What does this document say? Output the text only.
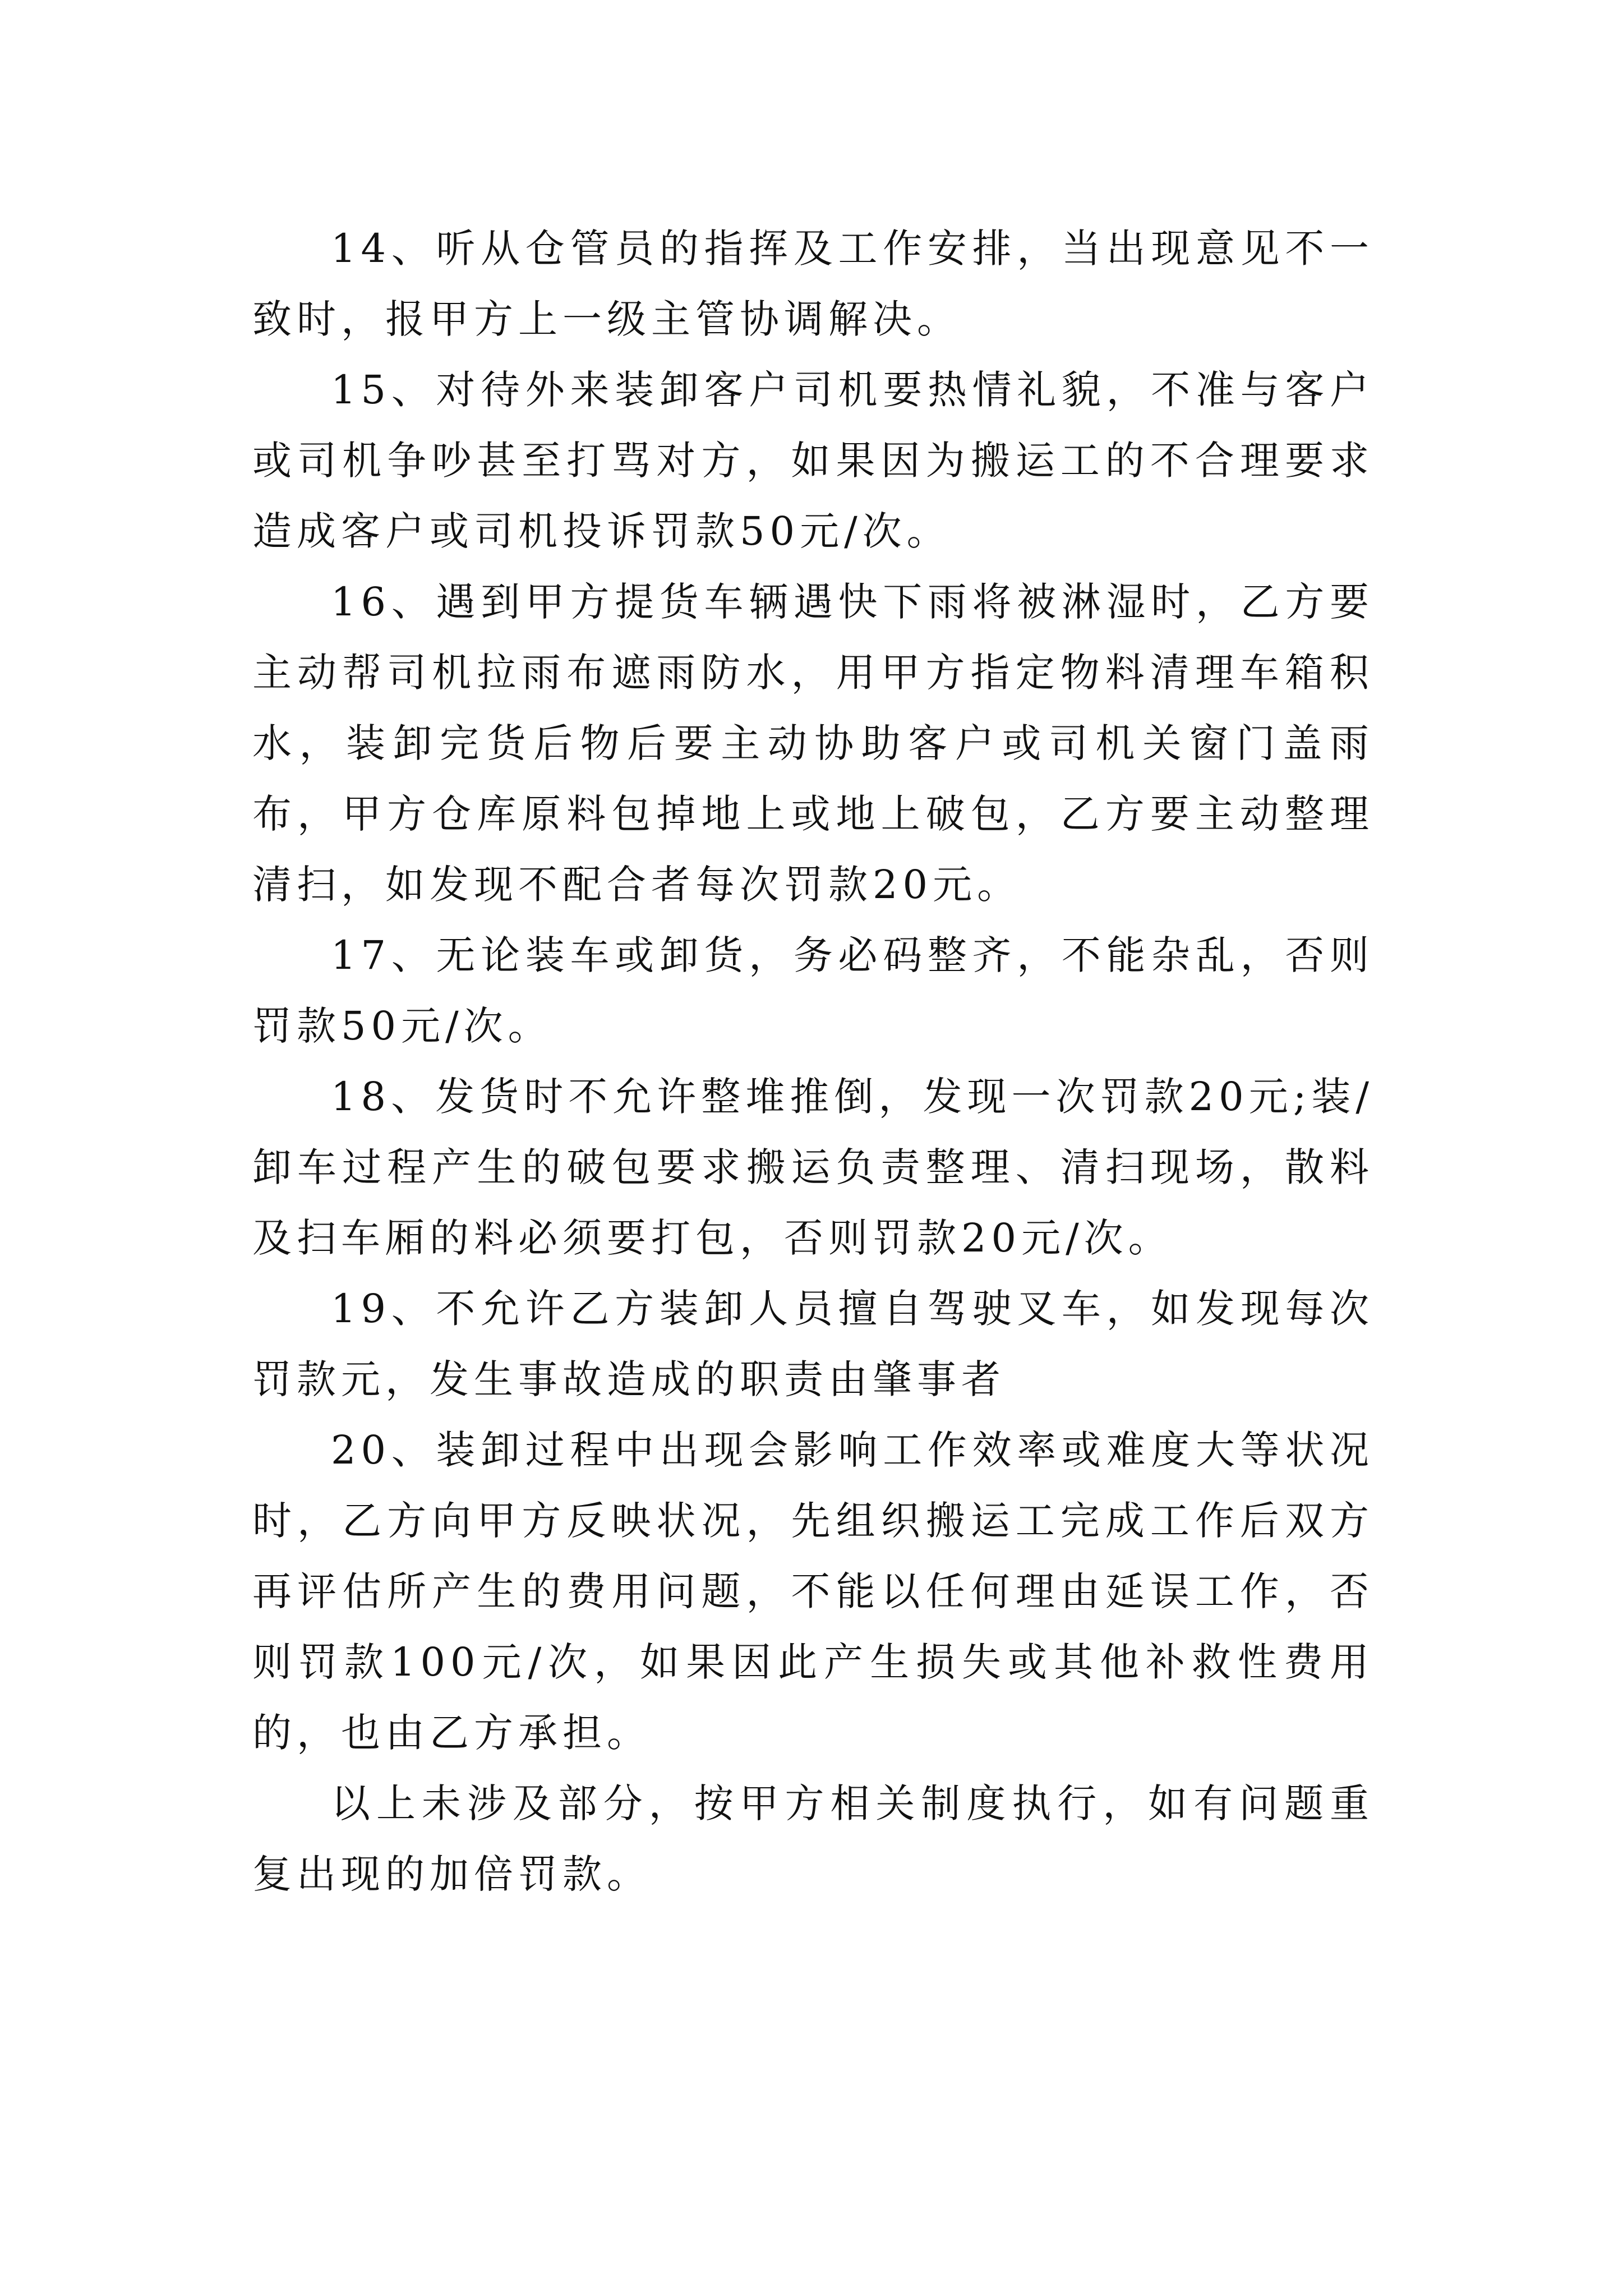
14、听从仓管员的指挥及工作安排，当出现意见不一致时，报甲方上一级主管协调解决。

15、对待外来装卸客户司机要热情礼貌，不准与客户或司机争吵甚至打骂对方，如果因为搬运工的不合理要求造成客户或司机投诉罚款50元/次。

16、遇到甲方提货车辆遇快下雨将被淋湿时，乙方要主动帮司机拉雨布遮雨防水，用甲方指定物料清理车箱积水，装卸完货后物后要主动协助客户或司机关窗门盖雨布，甲方仓库原料包掉地上或地上破包，乙方要主动整理清扫，如发现不配合者每次罚款20元。

17、无论装车或卸货，务必码整齐，不能杂乱，否则罚款50元/次。

18、发货时不允许整堆推倒，发现一次罚款20元;装/卸车过程产生的破包要求搬运负责整理、清扫现场，散料及扫车厢的料必须要打包，否则罚款20元/次。

19、不允许乙方装卸人员擅自驾驶叉车，如发现每次罚款元，发生事故造成的职责由肇事者

20、装卸过程中出现会影响工作效率或难度大等状况时，乙方向甲方反映状况，先组织搬运工完成工作后双方再评估所产生的费用问题，不能以任何理由延误工作，否则罚款100元/次，如果因此产生损失或其他补救性费用的，也由乙方承担。

以上未涉及部分，按甲方相关制度执行，如有问题重复出现的加倍罚款。
